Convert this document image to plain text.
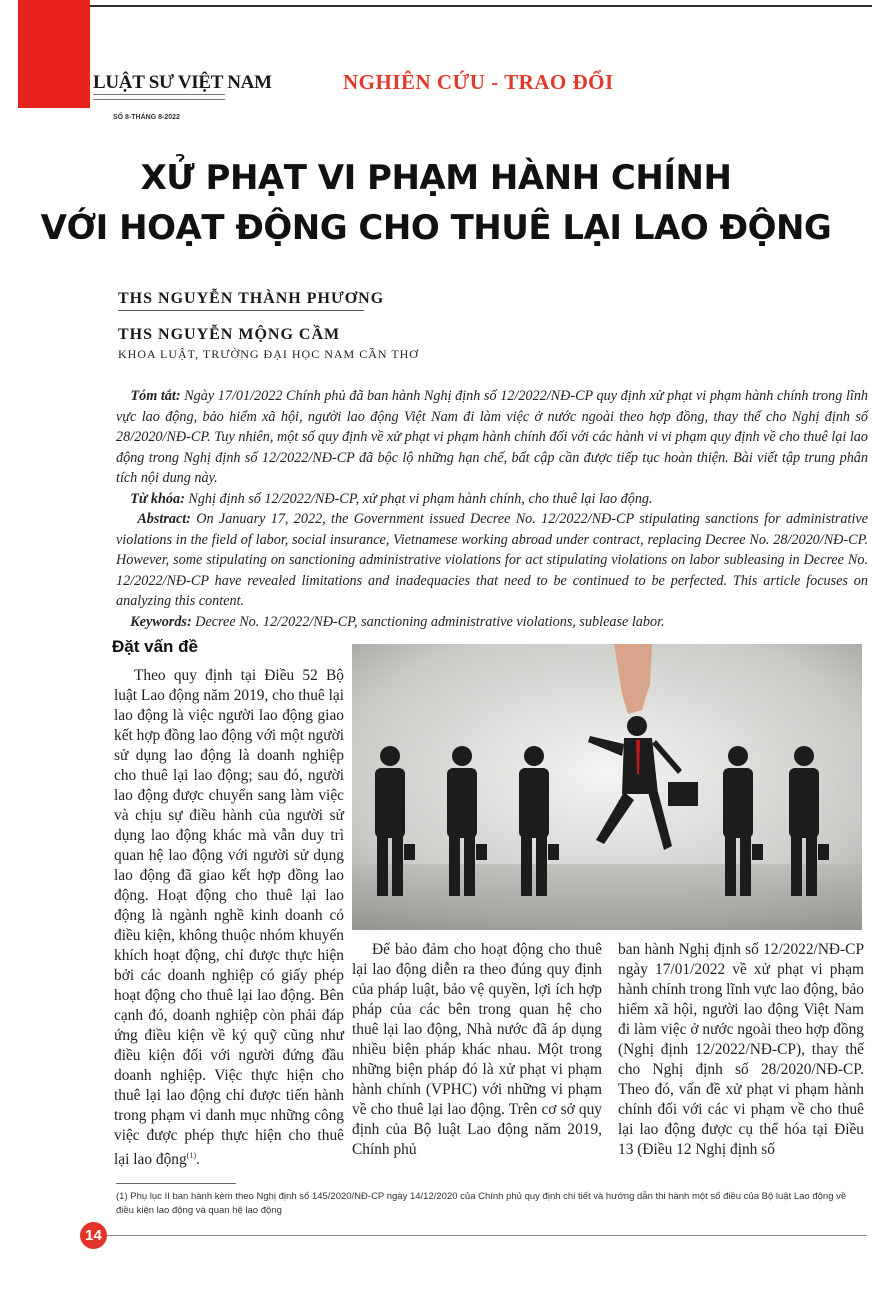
LUẬT SƯ VIỆT NAM
SỐ 8-THÁNG 8-2022
NGHIÊN CỨU - TRAO ĐỔI
XỬ PHẠT VI PHẠM HÀNH CHÍNH
VỚI HOẠT ĐỘNG CHO THUÊ LẠI LAO ĐỘNG
THS NGUYỄN THÀNH PHƯƠNG
THS NGUYỄN MỘNG CẦM
KHOA LUẬT, TRƯỜNG ĐẠI HỌC NAM CẦN THƠ

Tóm tắt: Ngày 17/01/2022 Chính phủ đã ban hành Nghị định số 12/2022/NĐ-CP quy định xử phạt vi phạm hành chính trong lĩnh vực lao động, bảo hiểm xã hội, người lao động Việt Nam đi làm việc ở nước ngoài theo hợp đồng, thay thế cho Nghị định số 28/2020/NĐ-CP. Tuy nhiên, một số quy định về xử phạt vi phạm hành chính đối với các hành vi vi phạm quy định về cho thuê lại lao động trong Nghị định số 12/2022/NĐ-CP đã bộc lộ những hạn chế, bất cập cần được tiếp tục hoàn thiện. Bài viết tập trung phân tích nội dung này.

Từ khóa: Nghị định số 12/2022/NĐ-CP, xử phạt vi phạm hành chính, cho thuê lại lao động.

Abstract: On January 17, 2022, the Government issued Decree No. 12/2022/NĐ-CP stipulating sanctions for administrative violations in the field of labor, social insurance, Vietnamese working abroad under contract, replacing Decree No. 28/2020/NĐ-CP. However, some stipulating on sanctioning administrative violations for act stipulating violations on labor subleasing in Decree No. 12/2022/NĐ-CP have revealed limitations and inadequacies that need to be continued to be perfected. This article focuses on analyzing this content.

Keywords: Decree No. 12/2022/NĐ-CP, sanctioning administrative violations, sublease labor.

Đặt vấn đề

Theo quy định tại Điều 52 Bộ luật Lao động năm 2019, cho thuê lại lao động là việc người lao động giao kết hợp đồng lao động với một người sử dụng lao động là doanh nghiệp cho thuê lại lao động; sau đó, người lao động được chuyển sang làm việc và chịu sự điều hành của người sử dụng lao động khác mà vẫn duy trì quan hệ lao động với người sử dụng lao động đã giao kết hợp đồng lao động. Hoạt động cho thuê lại lao động là ngành nghề kinh doanh có điều kiện, không thuộc nhóm khuyến khích hoạt động, chỉ được thực hiện bởi các doanh nghiệp có giấy phép hoạt động cho thuê lại lao động. Bên cạnh đó, doanh nghiệp còn phải đáp ứng điều kiện về ký quỹ cũng như điều kiện đối với người đứng đầu doanh nghiệp. Việc thực hiện cho thuê lại lao động chỉ được tiến hành trong phạm vi danh mục những công việc được phép thực hiện cho thuê lại lao động$^{(1)}$.

Để bảo đảm cho hoạt động cho thuê lại lao động diễn ra theo đúng quy định của pháp luật, bảo vệ quyền, lợi ích hợp pháp của các bên trong quan hệ cho thuê lại lao động, Nhà nước đã áp dụng nhiều biện pháp khác nhau. Một trong những biện pháp đó là xử phạt vi phạm hành chính (VPHC) với những vi phạm về cho thuê lại lao động. Trên cơ sở quy định của Bộ luật Lao động năm 2019, Chính phủ

ban hành Nghị định số 12/2022/NĐ-CP ngày 17/01/2022 về xử phạt vi phạm hành chính trong lĩnh vực lao động, bảo hiểm xã hội, người lao động Việt Nam đi làm việc ở nước ngoài theo hợp đồng (Nghị định 12/2022/NĐ-CP), thay thế cho Nghị định số 28/2020/NĐ-CP. Theo đó, vấn đề xử phạt vi phạm hành chính đối với các vi phạm về cho thuê lại lao động được cụ thể hóa tại Điều 13 (Điều 12 Nghị định số

(1) Phụ lục II ban hành kèm theo Nghị định số 145/2020/NĐ-CP ngày 14/12/2020 của Chính phủ quy định chi tiết và hướng dẫn thi hành một số điều của Bộ luật Lao động về điều kiện lao động và quan hệ lao động
14
